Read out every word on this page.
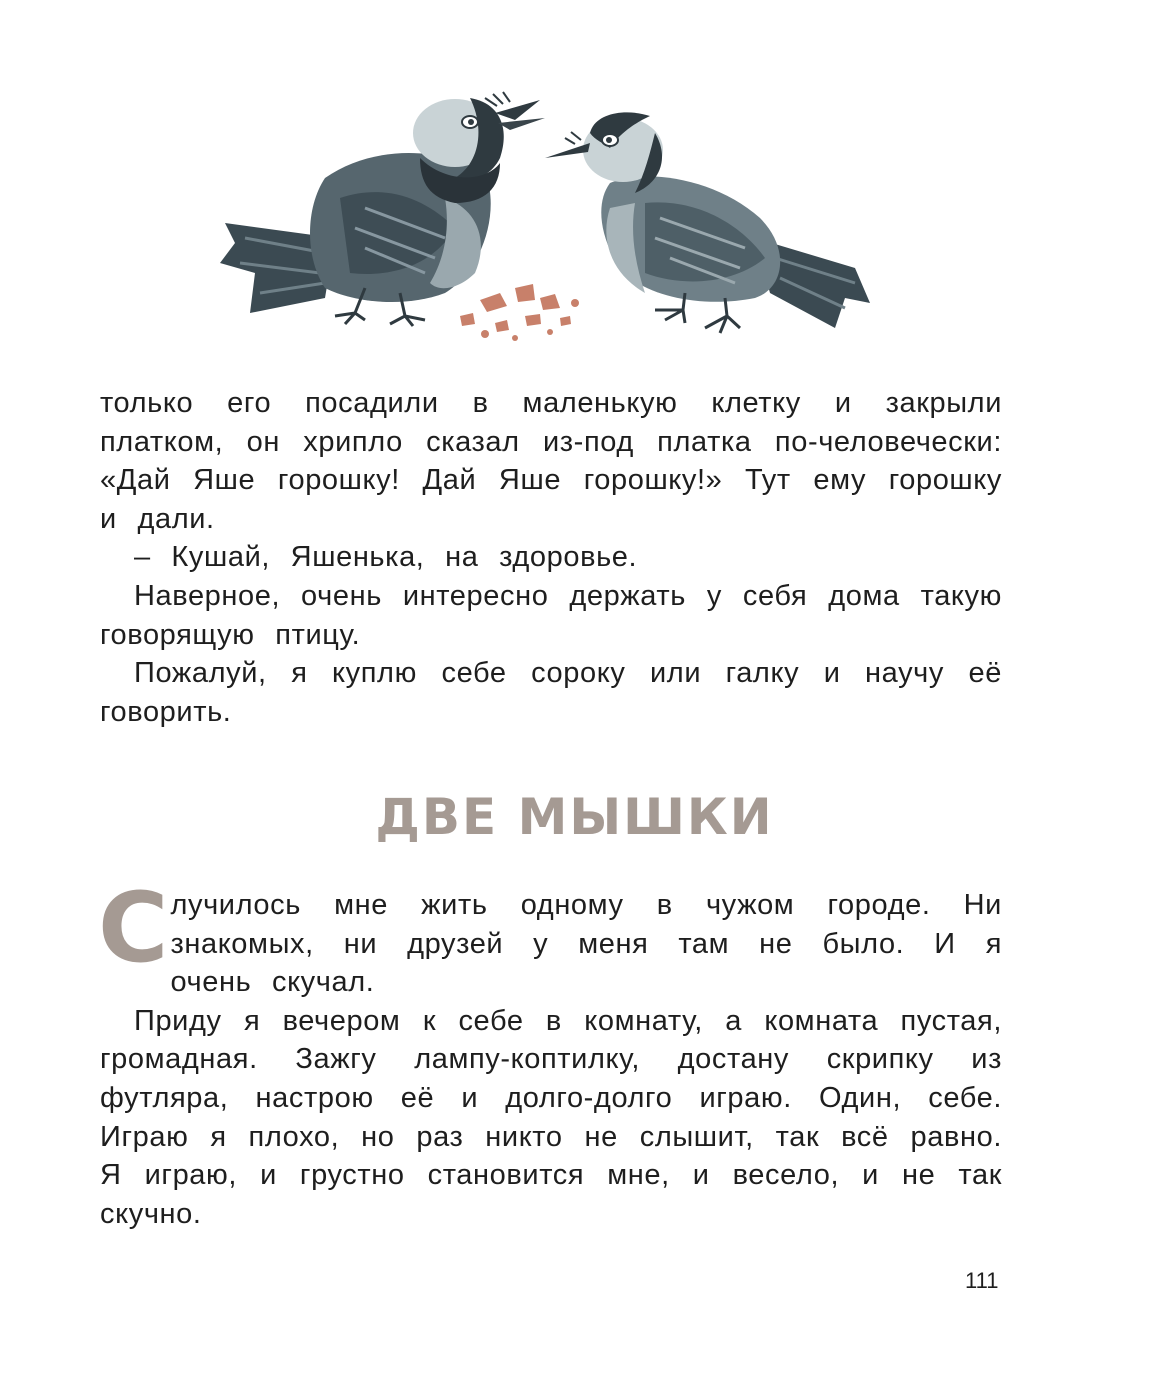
только его посадили в маленькую клетку и закрыли платком, он хрипло сказал из-под платка по-человечески: «Дай Яше горошку! Дай Яше горошку!» Тут ему горошку и дали.

– Кушай, Яшенька, на здоровье.

Наверное, очень интересно держать у себя дома такую говорящую птицу.

Пожалуй, я куплю себе сороку или галку и научу её говорить.

ДВЕ МЫШКИ

Случилось мне жить одному в чужом городе. Ни знакомых, ни друзей у меня там не было. И я очень скучал.

Приду я вечером к себе в комнату, а комната пустая, громадная. Зажгу лампу-коптилку, достану скрипку из футляра, настрою её и долго-долго играю. Один, себе. Играю я плохо, но раз никто не слышит, так всё равно. Я играю, и грустно становится мне, и весело, и не так скучно.

111
